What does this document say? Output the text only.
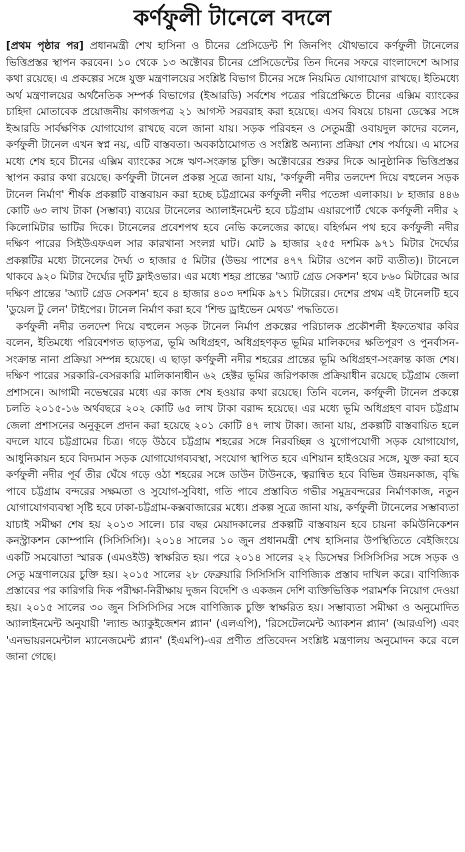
কর্ণফুলী টানেলে বদলে

[প্রথম পৃষ্ঠার পর] প্রধানমন্ত্রী শেখ হাসিনা ও চীনের প্রেসিডেন্ট শি জিনপিং যৌথভাবে কর্ণফুলী টানেলের ভিত্তিপ্রস্তর স্থাপন করবেন। ১০ থেকে ১৩ অক্টোবর চীনের প্রেসিডেন্টের তিন দিনের সফরে বাংলাদেশে আসার কথা রয়েছে। এ প্রকল্পের সঙ্গে যুক্ত মন্ত্রণালয়ের সংশ্লিষ্ট বিভাগ চীনের সঙ্গে নিয়মিত যোগাযোগ রাখছে। ইতিমধ্যে অর্থ মন্ত্রণালয়ের অর্থনৈতিক সম্পর্ক বিভাগের (ইআরডি) সর্বশেষ পত্রের পরিপ্রেক্ষিতে চীনের এক্সিম ব্যাংকের চাহিদা মোতাবেক প্রয়োজনীয় কাগজপত্র ২১ আগস্ট সরবরাহ করা হয়েছে। এসব বিষয়ে চায়না ডেস্কের সঙ্গে ইআরডি সার্বক্ষণিক যোগাযোগ রাখছে বলে জানা যায়। সড়ক পরিবহন ও সেতুমন্ত্রী ওবায়দুল কাদের বলেন, কর্ণফুলী টানেল এখন স্বপ্ন নয়, এটি বাস্তবতা। অবকাঠামোগত ও সংশ্লিষ্ট অন্যান্য প্রক্রিয়া শেষ পর্যায়ে। এ মাসের মধ্যে শেষ হবে চীনের এক্সিম ব্যাংকের সঙ্গে ঋণ-সংক্রান্ত চুক্তি। অক্টোবরের শুরুর দিকে আনুষ্ঠানিক ভিত্তিপ্রস্তর স্থাপন করার কথা রয়েছে। কর্ণফুলী টানেল প্রকল্প সূত্রে জানা যায়, 'কর্ণফুলী নদীর তলদেশ দিয়ে বহুলেন সড়ক টানেল নির্মাণ' শীর্ষক প্রকল্পটি বাস্তবায়ন করা হচ্ছে চট্টগ্রামের কর্ণফুলী নদীর পতেঙ্গা এলাকায়। ৮ হাজার ৪৪৬ কোটি ৬৩ লাখ টাকা (সম্ভাব্য) ব্যয়ের টানেলের অ্যালাইনমেন্ট হবে চট্টগ্রাম এয়ারপোর্ট থেকে কর্ণফুলী নদীর ২ কিলোমিটার ভাটির দিকে। টানেলের প্রবেশপথ হবে নেভি কলেজের কাছে। বহির্গমন পথ হবে কর্ণফুলী নদীর দক্ষিণ পারের সিইউএফএল সার কারখানা সংলগ্ন ঘাট। মোট ৯ হাজার ২৫৫ দশমিক ৯৭১ মিটার দৈর্ঘ্যের প্রকল্পটির মধ্যে টানেলের দৈর্ঘ্য ৩ হাজার ৫ মিটার (উভয় পাশের ৪৭৭ মিটার ওপেন কাট ব্যতীত)। টানেলে থাকবে ৯২০ মিটার দৈর্ঘ্যের দুটি ফ্লাইওভার। এর মধ্যে শহর প্রান্তের 'অ্যাট গ্রেড সেকশন' হবে ৮৬০ মিটারের আর দক্ষিণ প্রান্তের 'অ্যাট গ্রেড সেকশন' হবে ৪ হাজার ৪০৩ দশমিক ৯৭১ মিটারের। দেশের প্রথম এই টানেলটি হবে 'ডুয়েল টু লেন' টাইপের। টানেল নির্মাণ করা হবে 'শিল্ড ড্রাইভেন মেথড' পদ্ধতিতে।

কর্ণফুলী নদীর তলদেশ দিয়ে বহুলেন সড়ক টানেল নির্মাণ প্রকল্পের পরিচালক প্রকৌশলী ইফতেখার কবির বলেন, ইতিমধ্যে পরিবেশগত ছাড়পত্র, ভূমি অধিগ্রহণ, অধিগ্রহণকৃত ভূমির মালিকদের ক্ষতিপূরণ ও পুনর্বাসন-সংক্রান্ত নানা প্রক্রিয়া সম্পন্ন হয়েছে। এ ছাড়া কর্ণফুলী নদীর শহরের প্রান্তের ভূমি অধিগ্রহণ-সংক্রান্ত কাজ শেষ। দক্ষিণ পারের সরকারি-বেসরকারি মালিকানাধীন ৬২ হেক্টর ভূমির জরিপকাজ প্রক্রিয়াধীন রয়েছে চট্টগ্রাম জেলা প্রশাসনে। আগামী নভেম্বরের মধ্যে এর কাজ শেষ হওয়ার কথা রয়েছে। তিনি বলেন, কর্ণফুলী টানেল প্রকল্পে চলতি ২০১৫-১৬ অর্থবছরে ২০২ কোটি ৬৫ লাখ টাকা বরাদ্দ হয়েছে। এর মধ্যে ভূমি অধিগ্রহণ বাবদ চট্টগ্রাম জেলা প্রশাসনের অনুকূলে প্রদান করা হয়েছে ২০১ কোটি ৪৭ লাখ টাকা। জানা যায়, প্রকল্পটি বাস্তবায়িত হলে বদলে যাবে চট্টগ্রামের চিত্র। গড়ে উঠবে চট্টগ্রাম শহরের সঙ্গে নিরবচ্ছিন্ন ও যুগোপযোগী সড়ক যোগাযোগ, আধুনিকায়ন হবে বিদ্যমান সড়ক যোগাযোগব্যবস্থা, সংযোগ স্থাপিত হবে এশিয়ান হাইওয়ের সঙ্গে, যুক্ত করা হবে কর্ণফুলী নদীর পূর্ব তীর ঘেঁষে গড়ে ওঠা শহরের সঙ্গে ডাউন টাউনকে, ত্বরান্বিত হবে বিভিন্ন উন্নয়নকাজ, বৃদ্ধি পাবে চট্টগ্রাম বন্দরের সক্ষমতা ও সুযোগ-সুবিধা, গতি পাবে প্রস্তাবিত গভীর সমুদ্রবন্দরের নির্মাণকাজ, নতুন যোগাযোগব্যবস্থা সৃষ্টি হবে ঢাকা-চট্টগ্রাম-কক্সবাজারের মধ্যে। প্রকল্প সূত্রে জানা যায়, কর্ণফুলী টানেলের সম্ভাব্যতা যাচাই সমীক্ষা শেষ হয় ২০১৩ সালে। চার বছর মেয়াদকালের প্রকল্পটি বাস্তবায়ন হবে চায়না কমিউনিকেশন কনস্ট্রাকশন কোম্পানি (সিসিসিসি)। ২০১৪ সালের ১০ জুন প্রধানমন্ত্রী শেখ হাসিনার উপস্থিতিতে বেইজিংয়ে একটি সমঝোতা স্মারক (এমওইউ) স্বাক্ষরিত হয়। পরে ২০১৪ সালের ২২ ডিসেম্বর সিসিসিসির সঙ্গে সড়ক ও সেতু মন্ত্রণালয়ের চুক্তি হয়। ২০১৫ সালের ২৮ ফেব্রুয়ারি সিসিসিসি বাণিজ্যিক প্রস্তাব দাখিল করে। বাণিজ্যিক প্রস্তাবের পর কারিগরি দিক পরীক্ষা-নিরীক্ষায় দুজন বিদেশি ও একজন দেশি ব্যক্তিভিত্তিক পরামর্শক নিয়োগ দেওয়া হয়। ২০১৫ সালের ৩০ জুন সিসিসিসির সঙ্গে বাণিজ্যিক চুক্তি স্বাক্ষরিত হয়। সম্ভাব্যতা সমীক্ষা ও অনুমোদিত অ্যালাইনমেন্ট অনুযায়ী 'ল্যান্ড অ্যাকুইজেশন প্ল্যান' (এলএপি), 'রিসেটেলমেন্ট অ্যাকশন প্ল্যান' (আরএপি) এবং 'এনভায়রনমেন্টাল ম্যানেজমেন্ট প্ল্যান' (ইএমপি)-এর প্রণীত প্রতিবেদন সংশ্লিষ্ট মন্ত্রণালয় অনুমোদন করে বলে জানা গেছে।
